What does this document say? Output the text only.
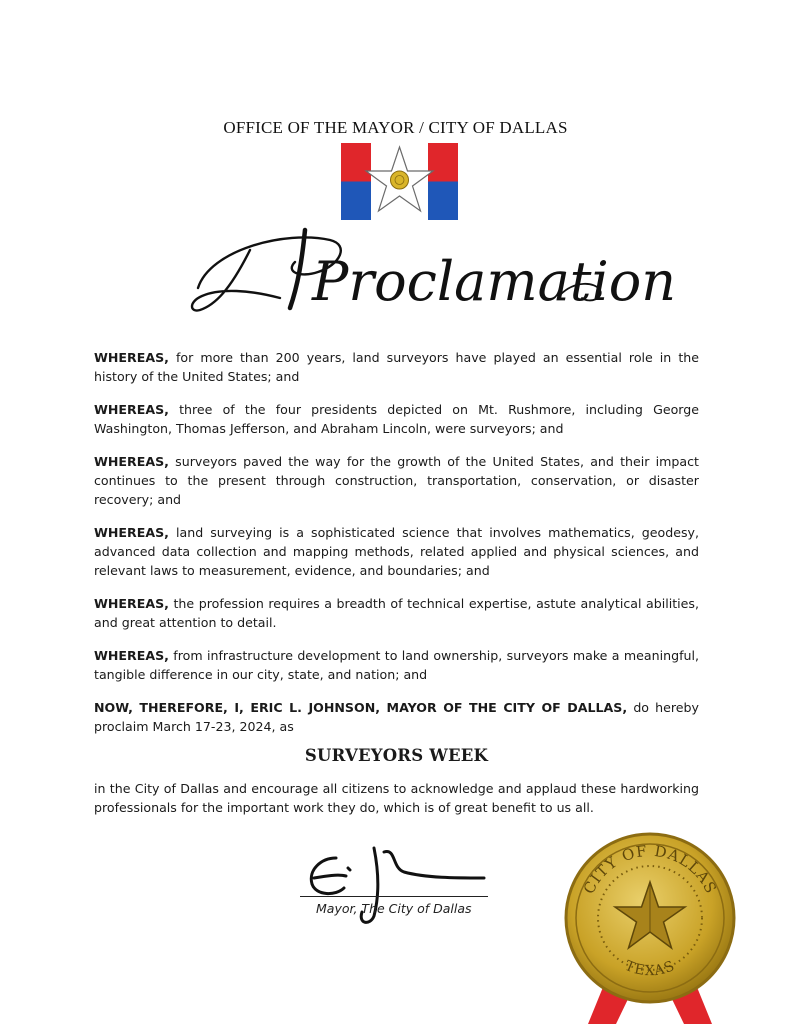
OFFICE OF THE MAYOR / CITY OF DALLAS
Proclamation

WHEREAS, for more than 200 years, land surveyors have played an essential role in the history of the United States; and

WHEREAS, three of the four presidents depicted on Mt. Rushmore, including George Washington, Thomas Jefferson, and Abraham Lincoln, were surveyors; and

WHEREAS, surveyors paved the way for the growth of the United States, and their impact continues to the present through construction, transportation, conservation, or disaster recovery; and

WHEREAS, land surveying is a sophisticated science that involves mathematics, geodesy, advanced data collection and mapping methods, related applied and physical sciences, and relevant laws to measurement, evidence, and boundaries; and

WHEREAS, the profession requires a breadth of technical expertise, astute analytical abilities, and great attention to detail.

WHEREAS, from infrastructure development to land ownership, surveyors make a meaningful, tangible difference in our city, state, and nation; and

NOW, THEREFORE, I, ERIC L. JOHNSON, MAYOR OF THE CITY OF DALLAS, do hereby proclaim March 17-23, 2024, as

SURVEYORS WEEK

in the City of Dallas and encourage all citizens to acknowledge and applaud these hardworking professionals for the important work they do, which is of great benefit to us all.

Mayor, The City of Dallas
CITY OF DALLAS
TEXAS
